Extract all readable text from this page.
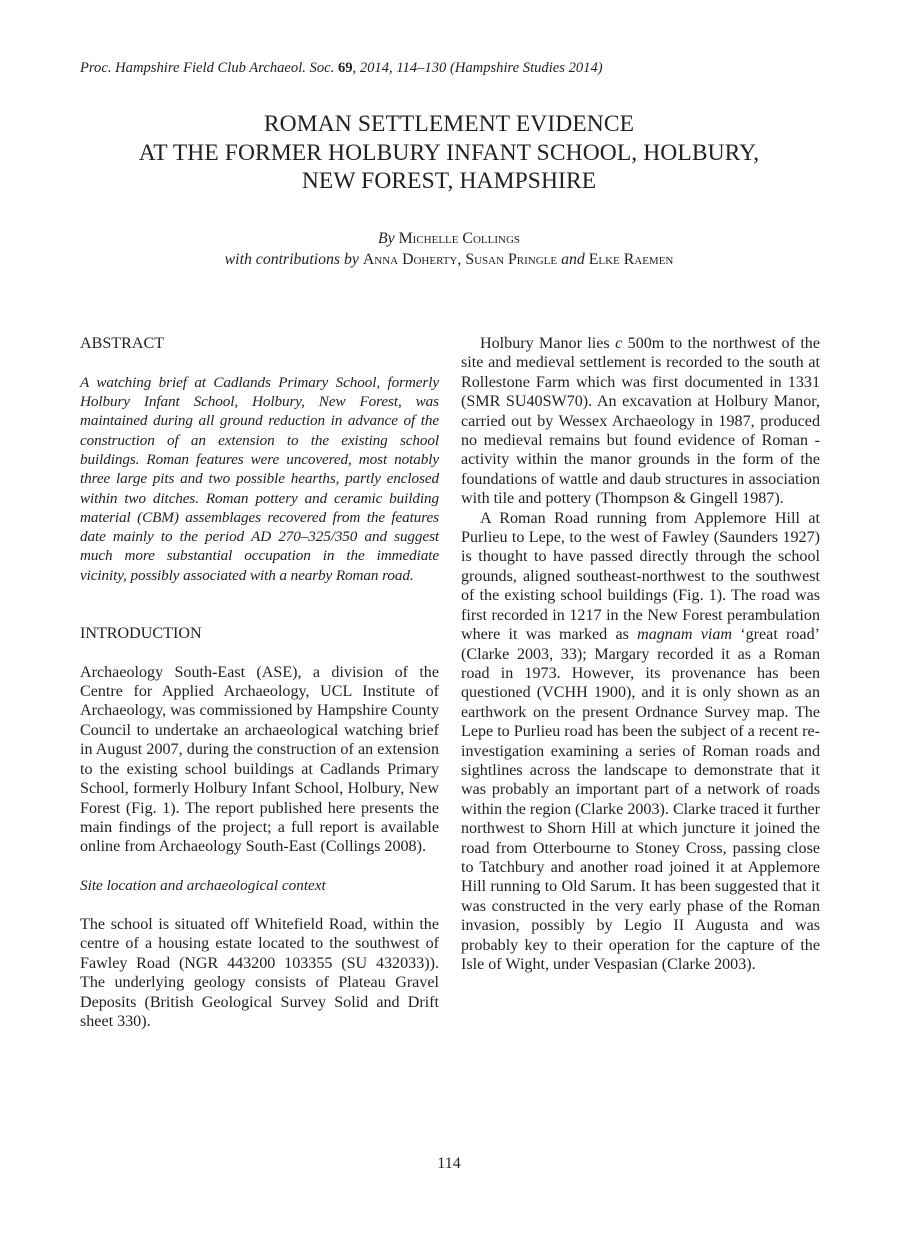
Proc. Hampshire Field Club Archaeol. Soc. 69, 2014, 114–130 (Hampshire Studies 2014)
ROMAN SETTLEMENT EVIDENCE
AT THE FORMER HOLBURY INFANT SCHOOL, HOLBURY,
NEW FOREST, HAMPSHIRE
By Michelle Collings
with contributions by Anna Doherty, Susan Pringle and Elke Raemen

ABSTRACT

A watching brief at Cadlands Primary School, formerly Holbury Infant School, Holbury, New Forest, was maintained during all ground reduction in advance of the construction of an extension to the existing school buildings. Roman features were uncovered, most notably three large pits and two possible hearths, partly enclosed within two ditches. Roman pottery and ceramic building material (CBM) assemblages recovered from the features date mainly to the period AD 270–325/350 and suggest much more substantial occupation in the immediate vicinity, possibly associated with a nearby Roman road.

INTRODUCTION

Archaeology South-East (ASE), a division of the Centre for Applied Archaeology, UCL Institute of Archaeology, was commissioned by Hampshire County Council to undertake an archaeological watching brief in August 2007, during the construction of an extension to the existing school buildings at Cadlands Primary School, formerly Holbury Infant School, Holbury, New Forest (Fig. 1). The report published here presents the main findings of the project; a full report is available online from Archaeology South-East (Collings 2008).

Site location and archaeological context

The school is situated off Whitefield Road, within the centre of a housing estate located to the southwest of Fawley Road (NGR 443200 103355 (SU 432033)). The underlying geology consists of Plateau Gravel Deposits (British Geological Survey Solid and Drift sheet 330).

Holbury Manor lies c 500m to the northwest of the site and medieval settlement is recorded to the south at Rollestone Farm which was first documented in 1331 (SMR SU40SW70). An excavation at Holbury Manor, carried out by Wessex Archaeology in 1987, produced no medieval remains but found evidence of Roman -activity within the manor grounds in the form of the foundations of wattle and daub structures in association with tile and pottery (Thompson & Gingell 1987).

A Roman Road running from Applemore Hill at Purlieu to Lepe, to the west of Fawley (Saunders 1927) is thought to have passed directly through the school grounds, aligned southeast-northwest to the southwest of the existing school buildings (Fig. 1). The road was first recorded in 1217 in the New Forest perambulation where it was marked as magnam viam ‘great road’ (Clarke 2003, 33); Margary recorded it as a Roman road in 1973. However, its provenance has been questioned (VCHH 1900), and it is only shown as an earthwork on the present Ordnance Survey map. The Lepe to Purlieu road has been the subject of a recent re-investigation examining a series of Roman roads and sightlines across the landscape to demonstrate that it was probably an important part of a network of roads within the region (Clarke 2003). Clarke traced it further northwest to Shorn Hill at which juncture it joined the road from Otterbourne to Stoney Cross, passing close to Tatchbury and another road joined it at Applemore Hill running to Old Sarum. It has been suggested that it was constructed in the very early phase of the Roman invasion, possibly by Legio II Augusta and was probably key to their operation for the capture of the Isle of Wight, under Vespasian (Clarke 2003).

114
